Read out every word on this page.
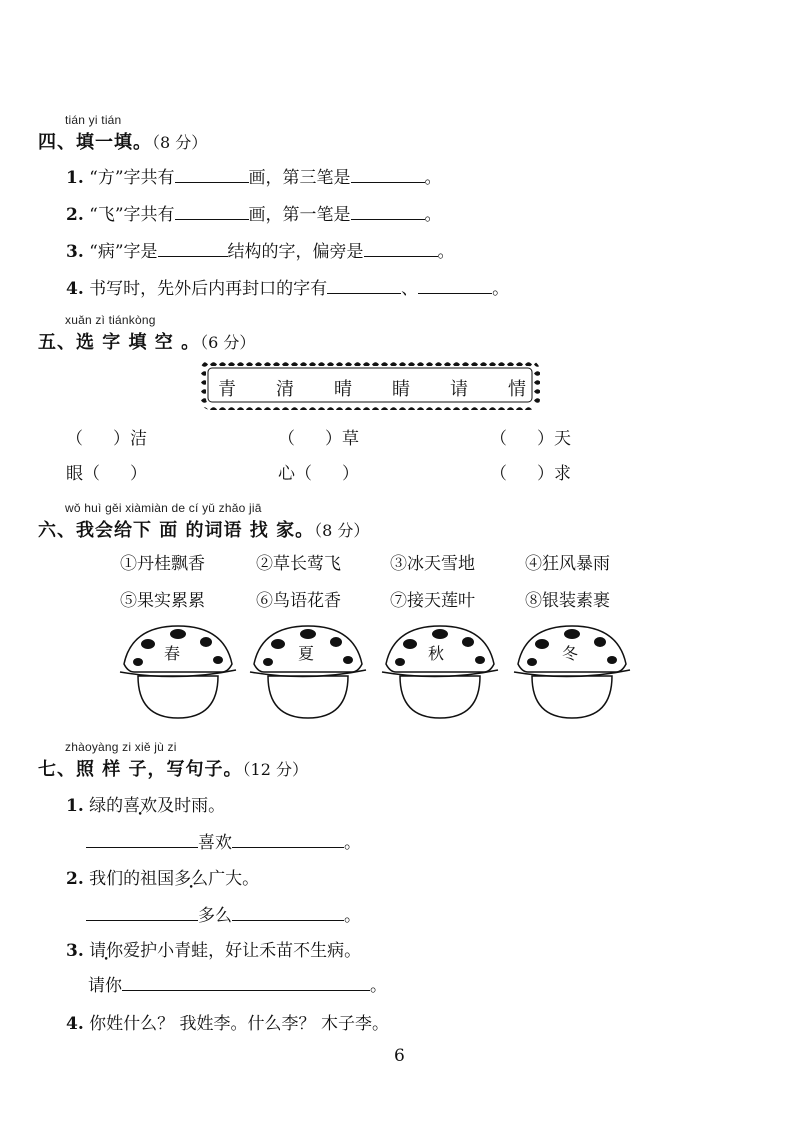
tián yi tián
四、填一填。（8 分）
1. “方”字共有	画，第三笔是	。
2. “飞”字共有	画，第一笔是	。
3. “病”字是	结构的字，偏旁是	。
4. 书写时，先外后内再封口的字有	、	。
xuǎn zì tiánkòng
五、选 字 填 空 。（6 分）
青 清 晴 睛 请 情
（ ）洁	（ ）草	（ ）天
眼（ ）	心（ ）	（ ）求
wǒ huì gěi xiàmiàn de cí yǔ zhǎo jiā
六、我会给下 面 的词语 找 家。（8 分）
①丹桂飘香	②草长莺飞	③冰天雪地	④狂风暴雨
⑤果实累累	⑥鸟语花香	⑦接天莲叶	⑧银装素裹
春	夏	秋	冬
zhàoyàng zi xiě jù zi
七、照 样 子，写句子。（12 分）
1. 绿的喜欢及时雨。
喜欢	。
2. 我们的祖国多么广大。
多么	。
3. 请你爱护小青蛙，好让禾苗不生病。
请你	。
4. 你姓什么？ 我姓李。什么李？ 木子李。
6
